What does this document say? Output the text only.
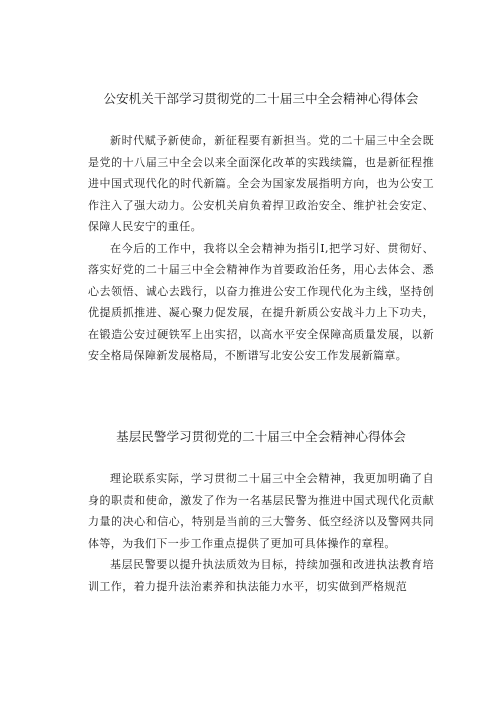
公安机关干部学习贯彻党的二十届三中全会精神心得体会

新时代赋予新使命，新征程要有新担当。党的二十届三中全会既是党的十八届三中全会以来全面深化改革的实践续篇，也是新征程推进中国式现代化的时代新篇。全会为国家发展指明方向，也为公安工作注入了强大动力。公安机关肩负着捍卫政治安全、维护社会安定、保障人民安宁的重任。

在今后的工作中，我将以全会精神为指引I,把学习好、贯彻好、落实好党的二十届三中全会精神作为首要政治任务，用心去体会、悉心去领悟、诚心去践行，以奋力推进公安工作现代化为主线，坚持创优提质抓推进、凝心聚力促发展，在提升新质公安战斗力上下功夫，在锻造公安过硬铁军上出实招，以高水平安全保障高质量发展，以新安全格局保障新发展格局，不断谱写北安公安工作发展新篇章。

基层民警学习贯彻党的二十届三中全会精神心得体会

理论联系实际，学习贯彻二十届三中全会精神，我更加明确了自身的职责和使命，激发了作为一名基层民警为推进中国式现代化贡献力量的决心和信心，特别是当前的三大警务、低空经济以及警网共同体等，为我们下一步工作重点提供了更加可具体操作的章程。

基层民警要以提升执法质效为目标，持续加强和改进执法教育培训工作，着力提升法治素养和执法能力水平，切实做到严格规范
